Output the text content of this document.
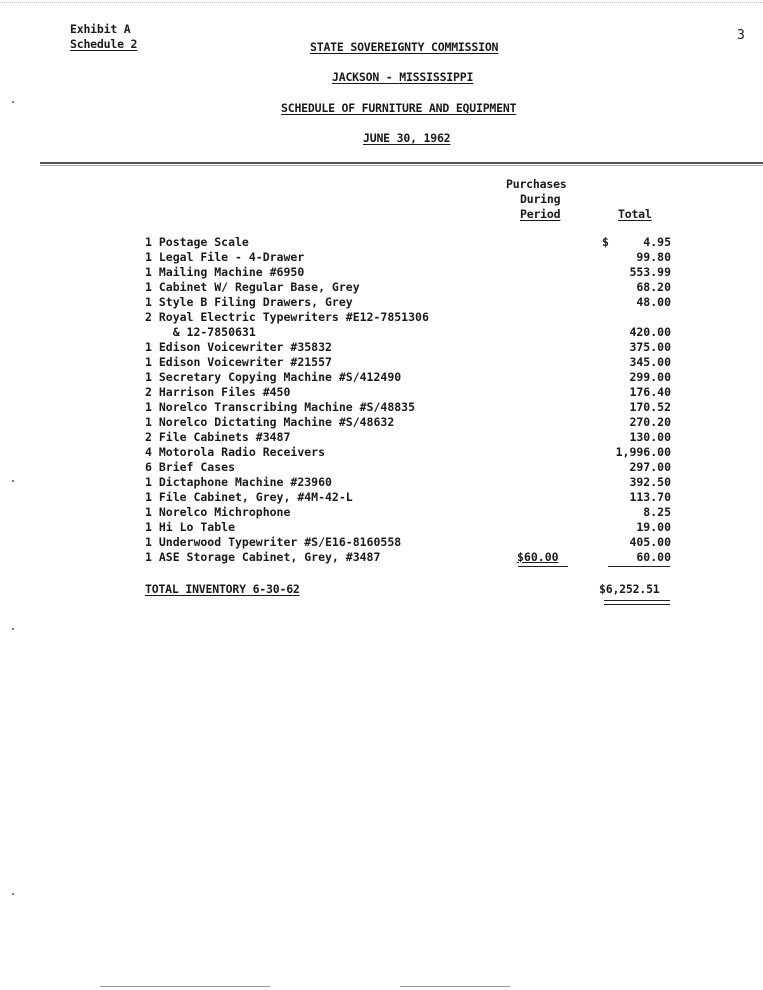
Exhibit A
Schedule 2
3
STATE SOVEREIGNTY COMMISSION
JACKSON - MISSISSIPPI
SCHEDULE OF FURNITURE AND EQUIPMENT
JUNE 30, 1962
Purchases
During
Period	Total
$
1 Postage Scale	4.95
1 Legal File - 4-Drawer	99.80
1 Mailing Machine #6950	553.99
1 Cabinet W/ Regular Base, Grey	68.20
1 Style B Filing Drawers, Grey	48.00
2 Royal Electric Typewriters #E12-7851306
& 12-7850631	420.00
1 Edison Voicewriter #35832	375.00
1 Edison Voicewriter #21557	345.00
1 Secretary Copying Machine #S/412490	299.00
2 Harrison Files #450	176.40
1 Norelco Transcribing Machine #S/48835	170.52
1 Norelco Dictating Machine #S/48632	270.20
2 File Cabinets #3487	130.00
4 Motorola Radio Receivers	1,996.00
6 Brief Cases	297.00
1 Dictaphone Machine #23960	392.50
1 File Cabinet, Grey, #4M-42-L	113.70
1 Norelco Michrophone	8.25
1 Hi Lo Table	19.00
1 Underwood Typewriter #S/E16-8160558	405.00
1 ASE Storage Cabinet, Grey, #3487	$60.00	60.00
TOTAL INVENTORY 6-30-62	$6,252.51
